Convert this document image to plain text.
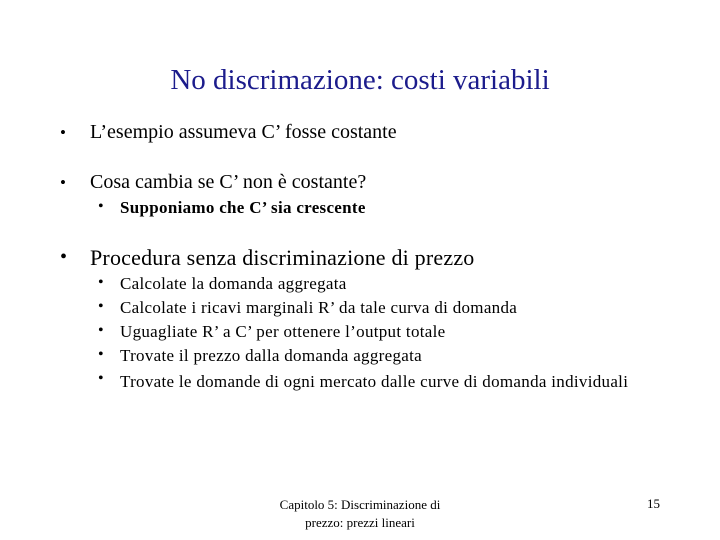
No discrimazione: costi variabili
• L’esempio assumeva C’ fosse costante
• Cosa cambia se C’ non è costante?
• Supponiamo che C’ sia crescente
• Procedura senza discriminazione di prezzo
• Calcolate la domanda aggregata
• Calcolate i ricavi marginali R’ da tale curva di domanda
• Uguagliate R’ a C’ per ottenere l’output totale
• Trovate il prezzo dalla domanda aggregata
• Trovate le domande di ogni mercato dalle curve di domanda individuali
Capitolo 5: Discriminazione di
prezzo: prezzi lineari
15
